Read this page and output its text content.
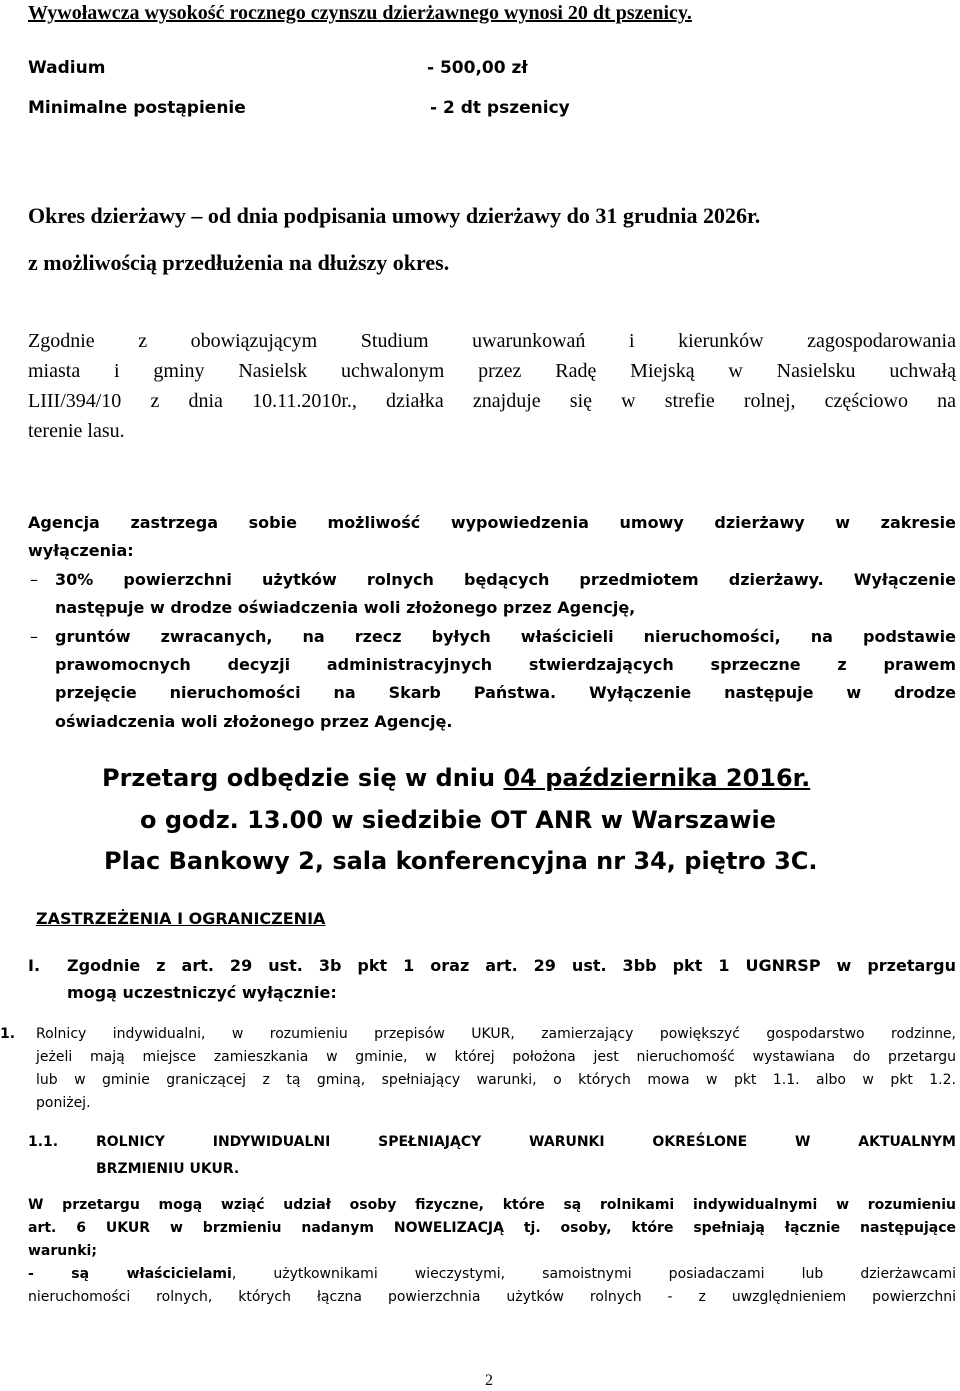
Wywoławcza wysokość rocznego czynszu dzierżawnego wynosi 20 dt pszenicy.
Wadium	- 500,00 zł
Minimalne postąpienie	- 2 dt pszenicy
Okres dzierżawy – od dnia podpisania umowy dzierżawy do 31 grudnia 2026r.
z możliwością przedłużenia na dłuższy okres.
Zgodnie z obowiązującym Studium uwarunkowań i kierunków zagospodarowania
miasta i gminy Nasielsk uchwalonym przez Radę Miejską w Nasielsku uchwałą
LIII/394/10 z dnia 10.11.2010r., działka znajduje się w strefie rolnej, częściowo na
terenie lasu.
Agencja zastrzega sobie możliwość wypowiedzenia umowy dzierżawy w zakresie
wyłączenia:
– 30% powierzchni użytków rolnych będących przedmiotem dzierżawy. Wyłączenie
następuje w drodze oświadczenia woli złożonego przez Agencję,
– gruntów zwracanych, na rzecz byłych właścicieli nieruchomości, na podstawie
prawomocnych decyzji administracyjnych stwierdzających sprzeczne z prawem
przejęcie nieruchomości na Skarb Państwa. Wyłączenie następuje w drodze
oświadczenia woli złożonego przez Agencję.
Przetarg odbędzie się w dniu 04 października 2016r.
o godz. 13.00 w siedzibie OT ANR w Warszawie
Plac Bankowy 2, sala konferencyjna nr 34, piętro 3C.
ZASTRZEŻENIA I OGRANICZENIA
I. Zgodnie z art. 29 ust. 3b pkt 1 oraz art. 29 ust. 3bb pkt 1 UGNRSP w przetargu
mogą uczestniczyć wyłącznie:
1. Rolnicy indywidualni, w rozumieniu przepisów UKUR, zamierzający powiększyć gospodarstwo rodzinne,
jeżeli mają miejsce zamieszkania w gminie, w której położona jest nieruchomość wystawiana do przetargu
lub w gminie graniczącej z tą gminą, spełniający warunki, o których mowa w pkt 1.1. albo w pkt 1.2.
poniżej.
1.1.	ROLNICY INDYWIDUALNI SPEŁNIAJĄCY WARUNKI OKREŚLONE W AKTUALNYM
BRZMIENIU UKUR.
W przetargu mogą wziąć udział osoby fizyczne, które są rolnikami indywidualnymi w rozumieniu
art. 6 UKUR w brzmieniu nadanym NOWELIZACJĄ tj. osoby, które spełniają łącznie następujące
warunki;
- są właścicielami, użytkownikami wieczystymi, samoistnymi posiadaczami lub dzierżawcami
nieruchomości rolnych, których łączna powierzchnia użytków rolnych - z uwzględnieniem powierzchni
2
